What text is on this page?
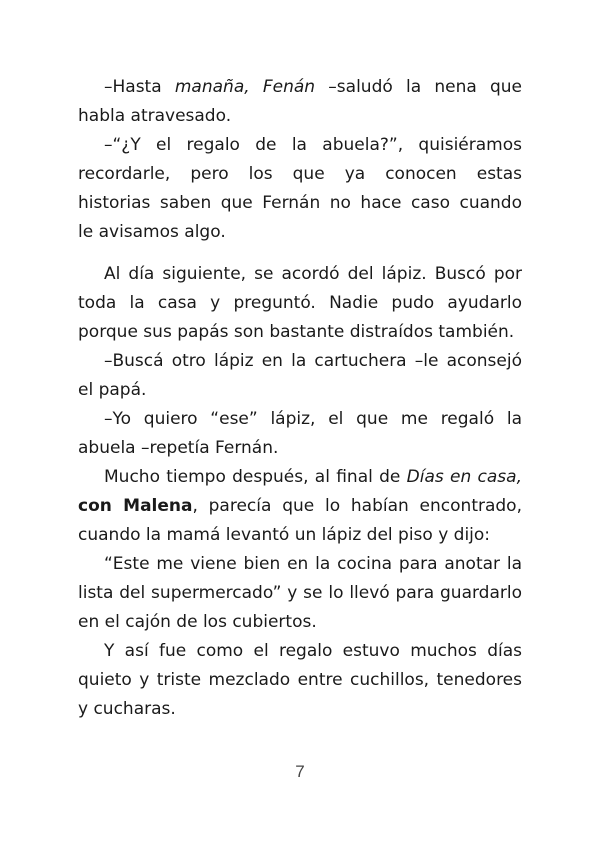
–Hasta manaña, Fenán –saludó la nena que
habla atravesado.
–“¿Y el regalo de la abuela?”, quisiéramos
recordarle, pero los que ya conocen estas
historias saben que Fernán no hace caso cuando
le avisamos algo.
Al día siguiente, se acordó del lápiz. Buscó por
toda la casa y preguntó. Nadie pudo ayudarlo
porque sus papás son bastante distraídos también.
–Buscá otro lápiz en la cartuchera –le aconsejó
el papá.
–Yo quiero “ese” lápiz, el que me regaló la
abuela –repetía Fernán.
Mucho tiempo después, al final de Días en casa,
con Malena, parecía que lo habían encontrado,
cuando la mamá levantó un lápiz del piso y dijo:
“Este me viene bien en la cocina para anotar la
lista del supermercado” y se lo llevó para guardarlo
en el cajón de los cubiertos.
Y así fue como el regalo estuvo muchos días
quieto y triste mezclado entre cuchillos, tenedores
y cucharas.
7
